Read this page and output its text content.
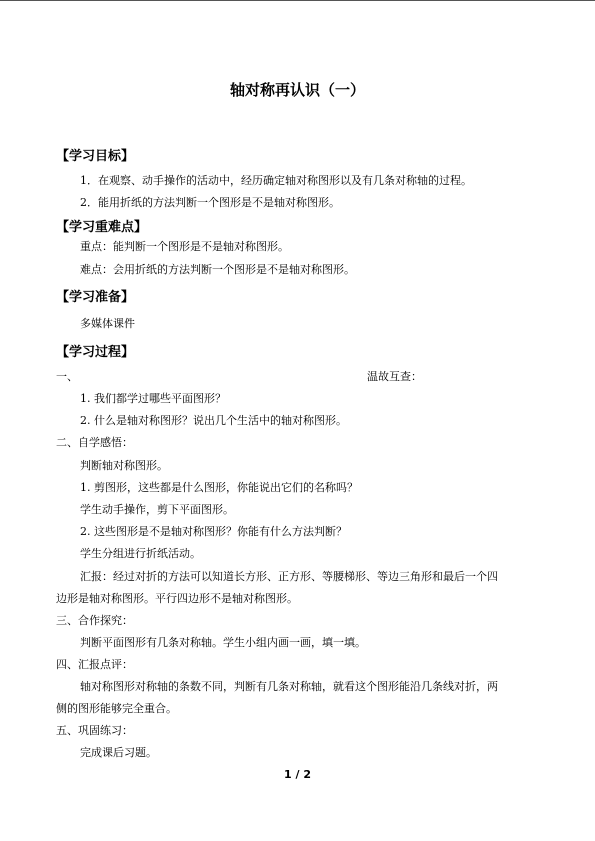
轴对称再认识（一）
【学习目标】
1．在观察、动手操作的活动中，经历确定轴对称图形以及有几条对称轴的过程。
2．能用折纸的方法判断一个图形是不是轴对称图形。
【学习重难点】
重点：能判断一个图形是不是轴对称图形。
难点：会用折纸的方法判断一个图形是不是轴对称图形。
【学习准备】
多媒体课件
【学习过程】
一、	温故互查：
1. 我们都学过哪些平面图形？
2. 什么是轴对称图形？说出几个生活中的轴对称图形。
二、自学感悟：
判断轴对称图形。
1. 剪图形，这些都是什么图形，你能说出它们的名称吗？
学生动手操作，剪下平面图形。
2. 这些图形是不是轴对称图形？你能有什么方法判断？
学生分组进行折纸活动。
汇报：经过对折的方法可以知道长方形、正方形、等腰梯形、等边三角形和最后一个四
边形是轴对称图形。平行四边形不是轴对称图形。
三、合作探究：
判断平面图形有几条对称轴。学生小组内画一画，填一填。
四、汇报点评：
轴对称图形对称轴的条数不同，判断有几条对称轴，就看这个图形能沿几条线对折，两
侧的图形能够完全重合。
五、巩固练习：
完成课后习题。
1 / 2
